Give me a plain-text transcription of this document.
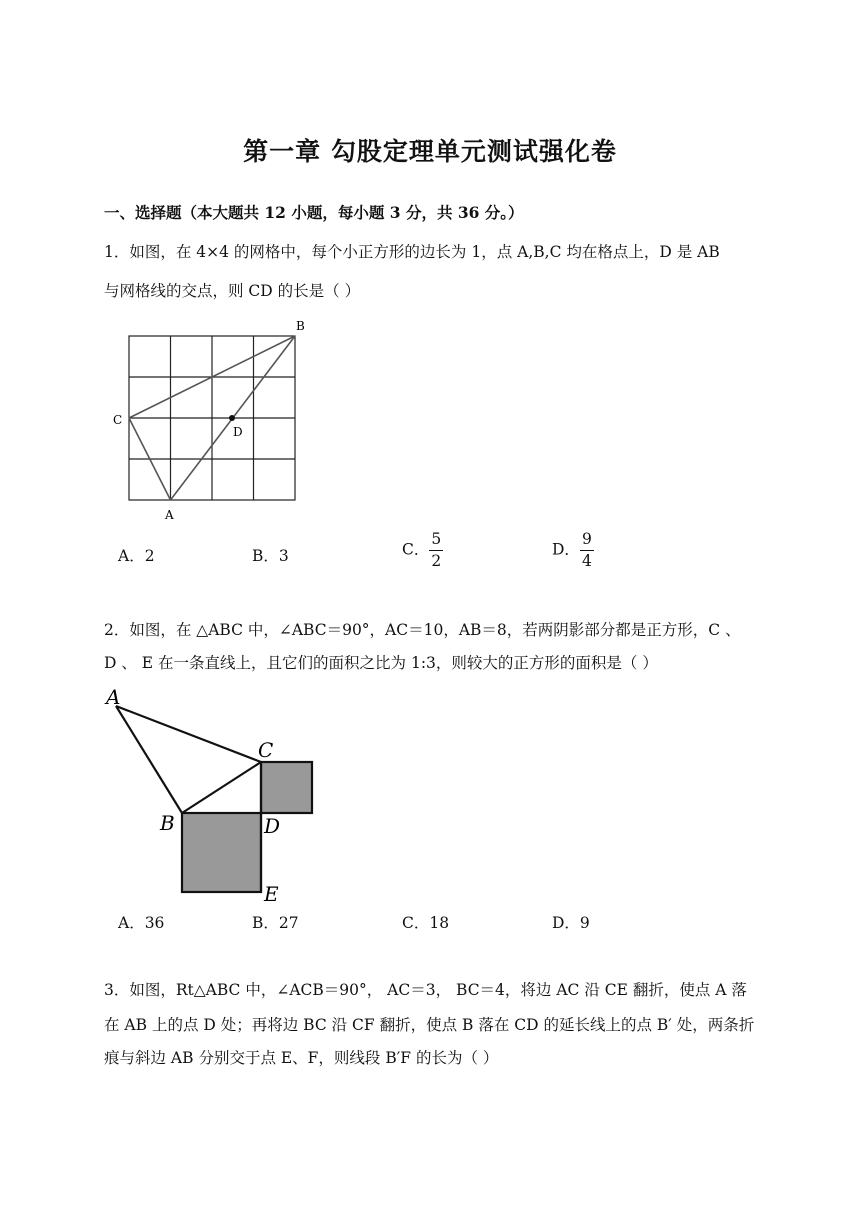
第一章 勾股定理单元测试强化卷
一、选择题（本大题共 12 小题，每小题 3 分，共 36 分。）
1．如图，在 4×4 的网格中，每个小正方形的边长为 1，点 A,B,C 均在格点上，D 是 AB
与网格线的交点，则 CD 的长是（ ）
B
C
D
A
A．2	B．3	C． $\frac{5}{2}$	D． $\frac{9}{4}$
2．如图，在 △ABC 中，∠ABC＝90°，AC＝10，AB＝8，若两阴影部分都是正方形，C 、
D 、 E 在一条直线上，且它们的面积之比为 1:3，则较大的正方形的面积是（ ）
A
C
B	D
E
A．36	B．27	C．18	D．9
3．如图，Rt△ABC 中，∠ACB＝90°， AC＝3， BC＝4，将边 AC 沿 CE 翻折，使点 A 落
在 AB 上的点 D 处；再将边 BC 沿 CF 翻折，使点 B 落在 CD 的延长线上的点 B′ 处，两条折
痕与斜边 AB 分别交于点 E、F，则线段 B′F 的长为（ ）
